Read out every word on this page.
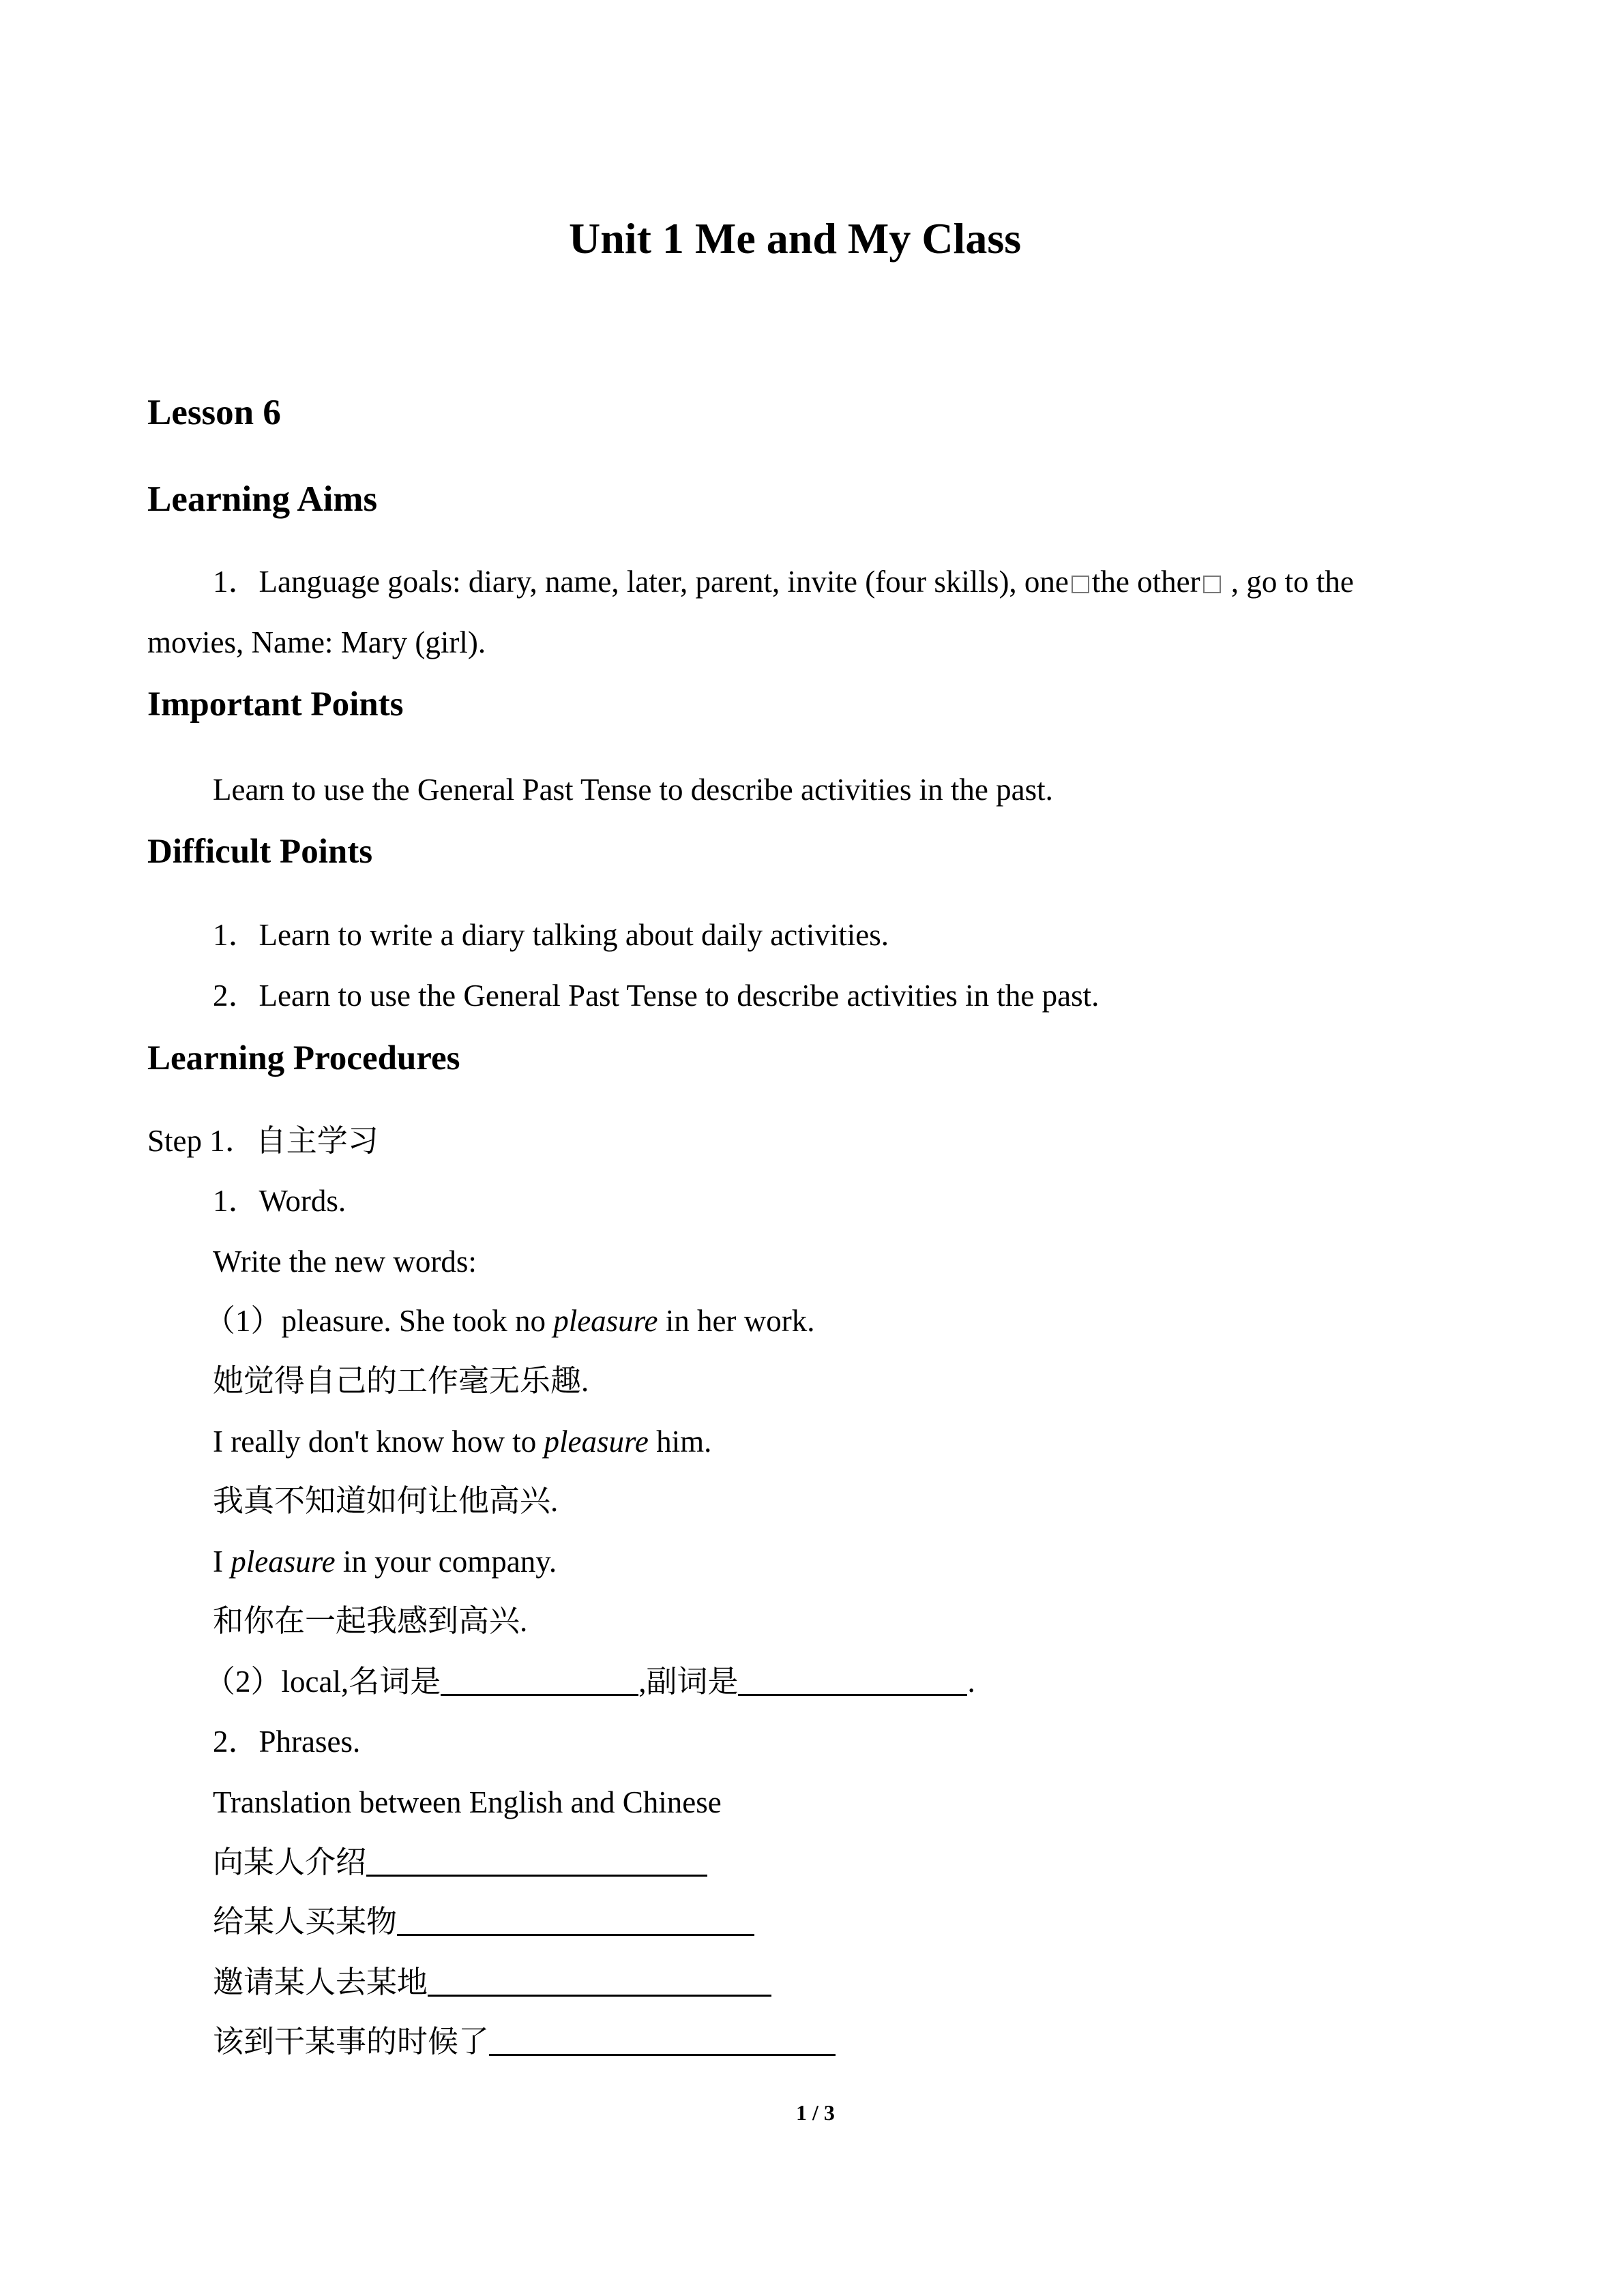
Unit 1 Me and My Class
Lesson 6
Learning Aims
1．Language goals: diary, name, later, parent, invite (four skills), one the other , go to the
movies, Name: Mary (girl).
Important Points
Learn to use the General Past Tense to describe activities in the past.
Difficult Points
1．Learn to write a diary talking about daily activities.
2．Learn to use the General Past Tense to describe activities in the past.
Learning Procedures
Step 1．自主学习
1．Words.
Write the new words:
（1）pleasure. She took no pleasure in her work.
她觉得自己的工作毫无乐趣.
I really don't know how to pleasure him.
我真不知道如何让他高兴.
I pleasure in your company.
和你在一起我感到高兴.
（2）local,名词是	,副词是	.
2．Phrases.
Translation between English and Chinese
向某人介绍
给某人买某物
邀请某人去某地
该到干某事的时候了
1 / 3
